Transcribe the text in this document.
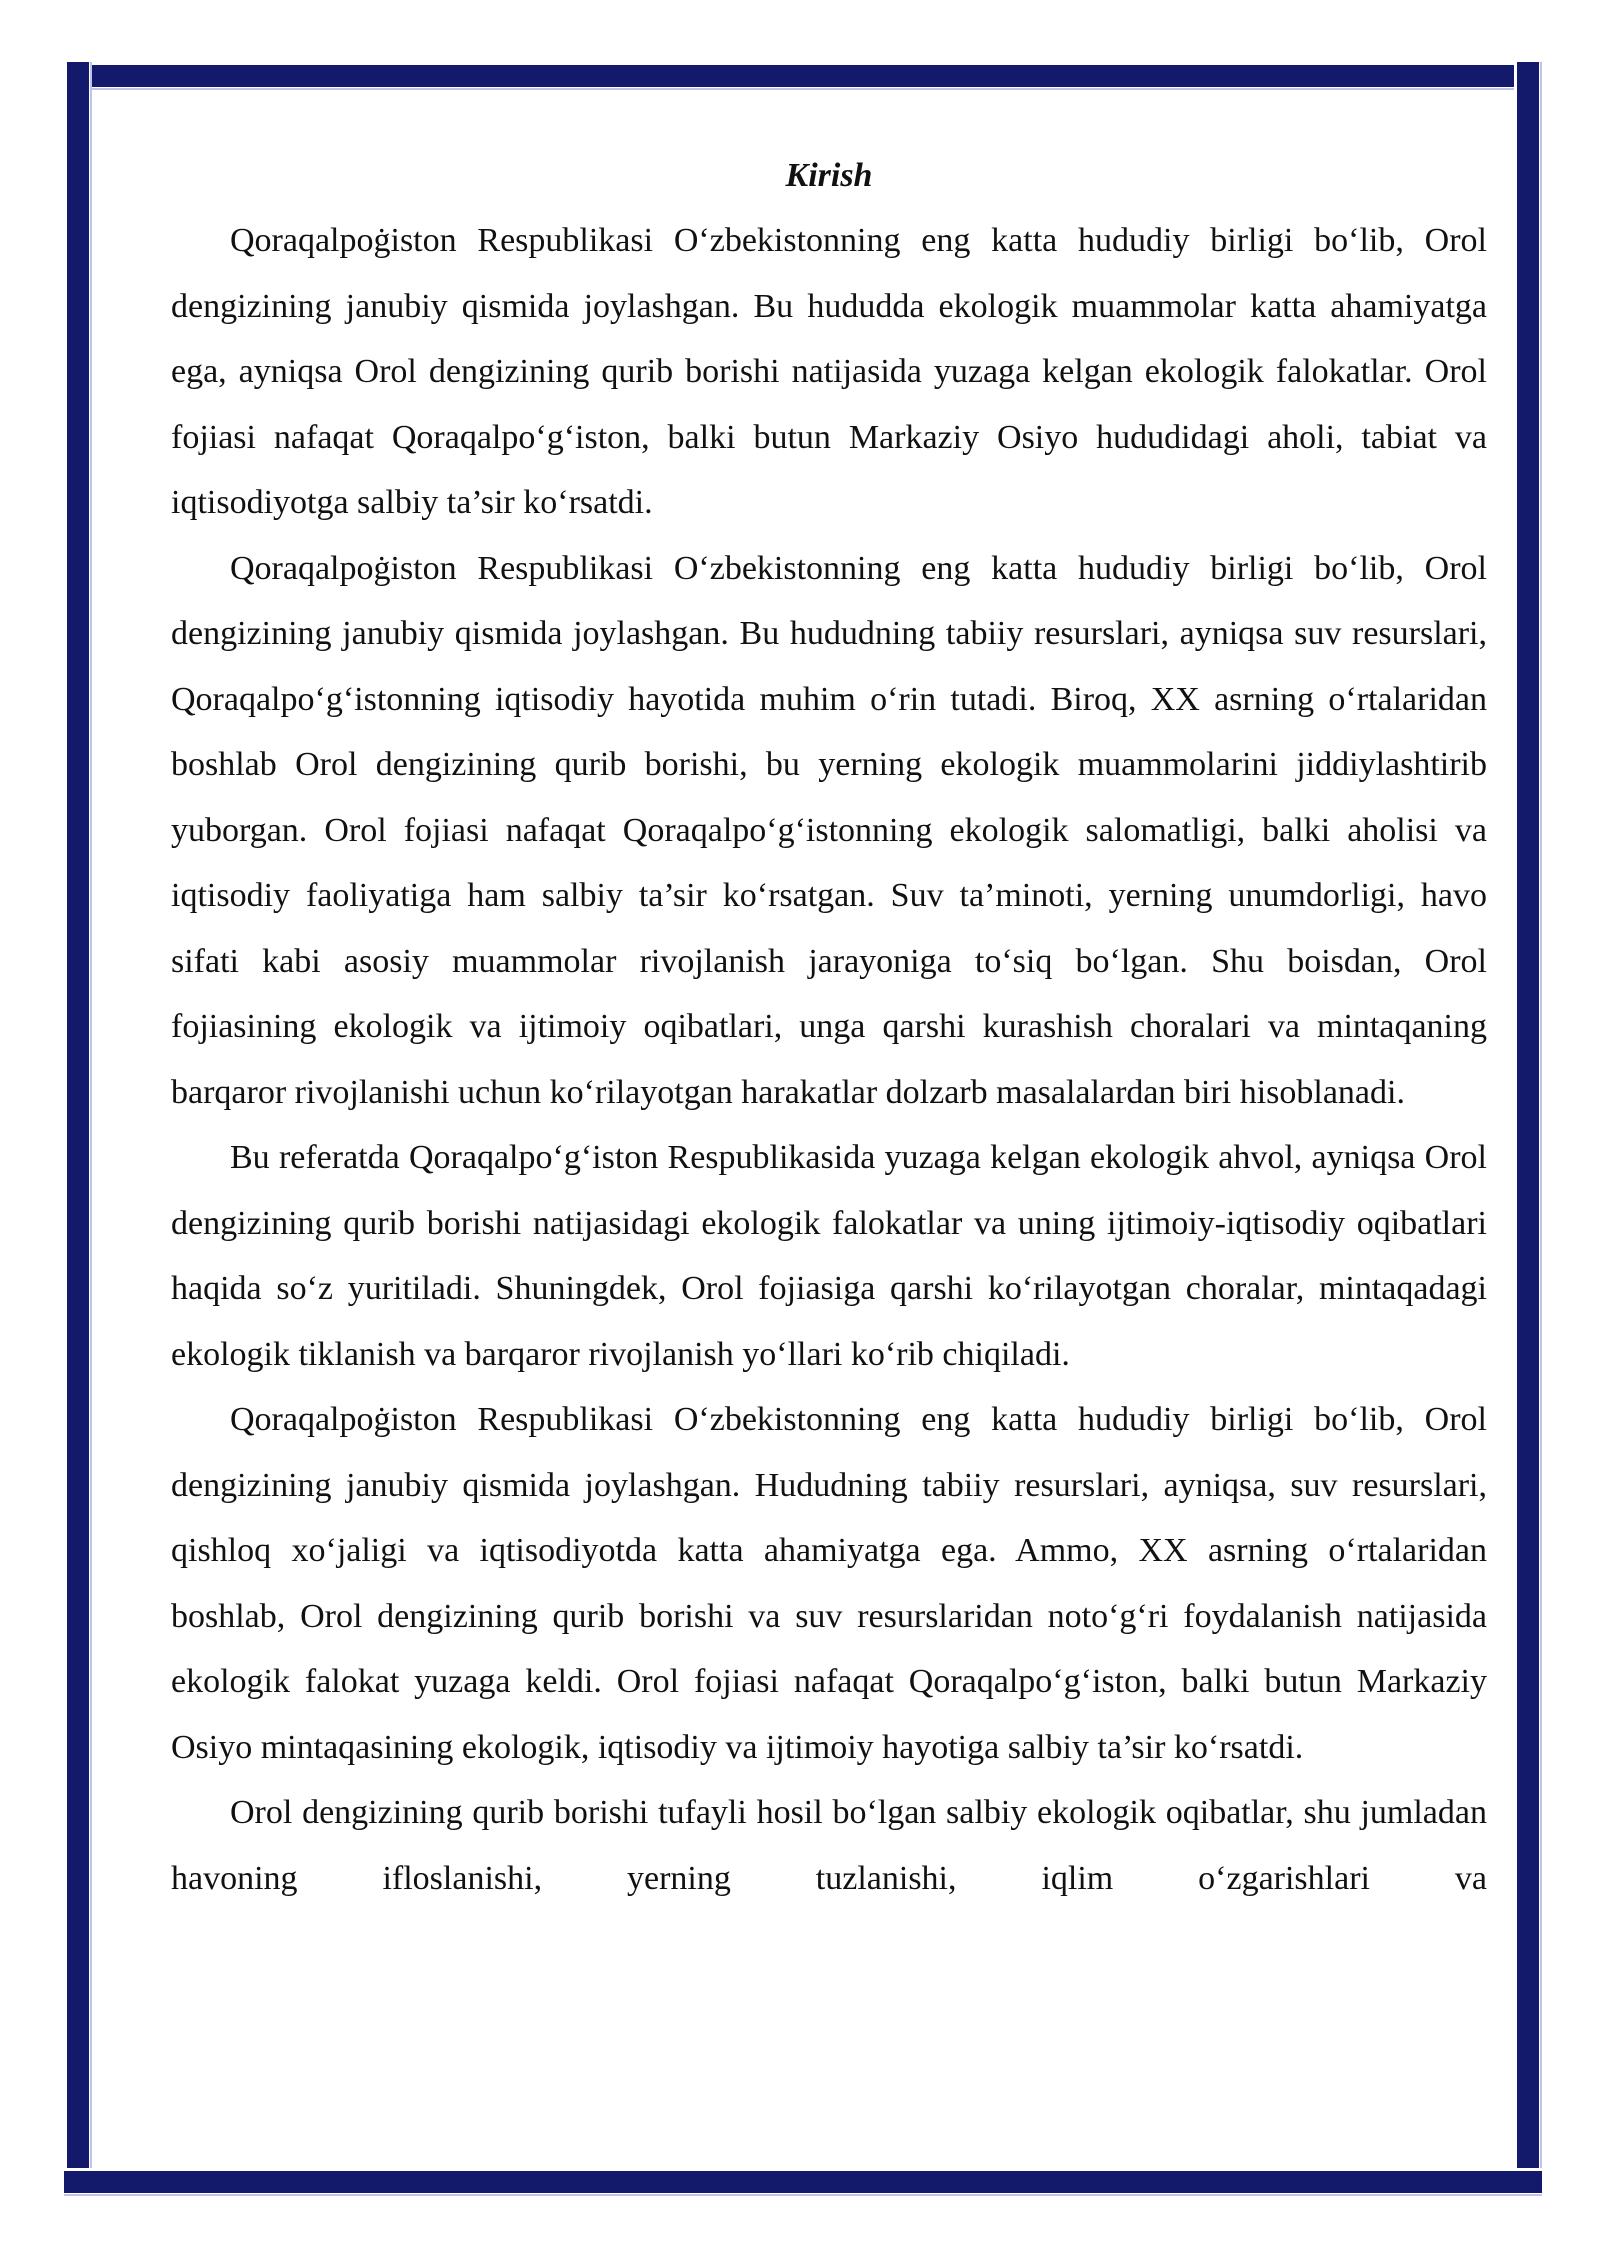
Kirish

Qoraqalpoġiston Respublikasi O‘zbekistonning eng katta hududiy birligi bo‘lib, Orol dengizining janubiy qismida joylashgan. Bu hududda ekologik muammolar katta ahamiyatga ega, ayniqsa Orol dengizining qurib borishi natijasida yuzaga kelgan ekologik falokatlar. Orol fojiasi nafaqat Qoraqalpo‘g‘iston, balki butun Markaziy Osiyo hududidagi aholi, tabiat va iqtisodiyotga salbiy ta’sir ko‘rsatdi.

Qoraqalpoġiston Respublikasi O‘zbekistonning eng katta hududiy birligi bo‘lib, Orol dengizining janubiy qismida joylashgan. Bu hududning tabiiy resurslari, ayniqsa suv resurslari, Qoraqalpo‘g‘istonning iqtisodiy hayotida muhim o‘rin tutadi. Biroq, XX asrning o‘rtalaridan boshlab Orol dengizining qurib borishi, bu yerning ekologik muammolarini jiddiylashtirib yuborgan. Orol fojiasi nafaqat Qoraqalpo‘g‘istonning ekologik salomatligi, balki aholisi va iqtisodiy faoliyatiga ham salbiy ta’sir ko‘rsatgan. Suv ta’minoti, yerning unumdorligi, havo sifati kabi asosiy muammolar rivojlanish jarayoniga to‘siq bo‘lgan. Shu boisdan, Orol fojiasining ekologik va ijtimoiy oqibatlari, unga qarshi kurashish choralari va mintaqaning barqaror rivojlanishi uchun ko‘rilayotgan harakatlar dolzarb masalalardan biri hisoblanadi.

Bu referatda Qoraqalpo‘g‘iston Respublikasida yuzaga kelgan ekologik ahvol, ayniqsa Orol dengizining qurib borishi natijasidagi ekologik falokatlar va uning ijtimoiy-iqtisodiy oqibatlari haqida so‘z yuritiladi. Shuningdek, Orol fojiasiga qarshi ko‘rilayotgan choralar, mintaqadagi ekologik tiklanish va barqaror rivojlanish yo‘llari ko‘rib chiqiladi.

Qoraqalpoġiston Respublikasi O‘zbekistonning eng katta hududiy birligi bo‘lib, Orol dengizining janubiy qismida joylashgan. Hududning tabiiy resurslari, ayniqsa, suv resurslari, qishloq xo‘jaligi va iqtisodiyotda katta ahamiyatga ega. Ammo, XX asrning o‘rtalaridan boshlab, Orol dengizining qurib borishi va suv resurslaridan noto‘g‘ri foydalanish natijasida ekologik falokat yuzaga keldi. Orol fojiasi nafaqat Qoraqalpo‘g‘iston, balki butun Markaziy Osiyo mintaqasining ekologik, iqtisodiy va ijtimoiy hayotiga salbiy ta’sir ko‘rsatdi.

Orol dengizining qurib borishi tufayli hosil bo‘lgan salbiy ekologik oqibatlar, shu jumladan havoning ifloslanishi, yerning tuzlanishi, iqlim o‘zgarishlari va
